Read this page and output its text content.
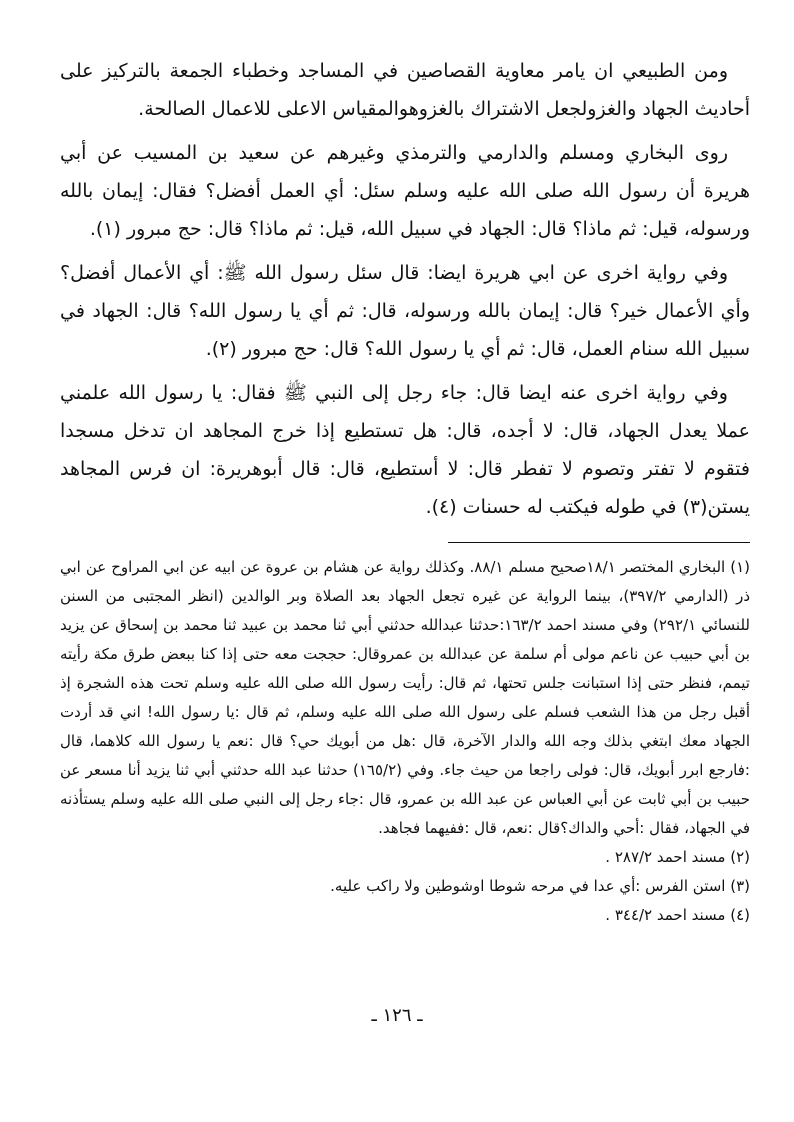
ومن الطبيعي ان يامر معاوية القصاصين في المساجد وخطباء الجمعة بالتركيز على أحاديث الجهاد والغزولجعل الاشتراك بالغزوهوالمقياس الاعلى للاعمال الصالحة.

روى البخاري ومسلم والدارمي والترمذي وغيرهم عن سعيد بن المسيب عن أبي هريرة أن رسول الله صلى الله عليه وسلم سئل: أي العمل أفضل؟ فقال: إيمان بالله ورسوله، قيل: ثم ماذا؟ قال: الجهاد في سبيل الله، قيل: ثم ماذا؟ قال: حج مبرور (١).

وفي رواية اخرى عن ابي هريرة ايضا: قال سئل رسول الله ﷺ: أي الأعمال أفضل؟ وأي الأعمال خير؟ قال: إيمان بالله ورسوله، قال: ثم أي يا رسول الله؟ قال: الجهاد في سبيل الله سنام العمل، قال: ثم أي يا رسول الله؟ قال: حج مبرور (٢).

وفي رواية اخرى عنه ايضا قال: جاء رجل إلى النبي ﷺ فقال: يا رسول الله علمني عملا يعدل الجهاد، قال: لا أجده، قال: هل تستطيع إذا خرج المجاهد ان تدخل مسجدا فتقوم لا تفتر وتصوم لا تفطر قال: لا أستطيع، قال: قال أبوهريرة: ان فرس المجاهد يستن(٣) في طوله فيكتب له حسنات (٤).

(١) البخاري المختصر ١٨/١صحيح مسلم ٨٨/١. وكذلك رواية عن هشام بن عروة عن ابيه عن ابي المراوح عن ابي ذر (الدارمي ٣٩٧/٢)، بينما الرواية عن غيره تجعل الجهاد بعد الصلاة وبر الوالدين (انظر المجتبى من السنن للنسائي ٢٩٢/١) وفي مسند احمد ١٦٣/٢:حدثنا عبدالله حدثني أبي ثنا محمد بن عبيد ثنا محمد بن إسحاق عن يزيد بن أبي حبيب عن ناعم مولى أم سلمة عن عبدالله بن عمروقال: حججت معه حتى إذا كنا ببعض طرق مكة رأيته تيمم، فنظر حتى إذا استبانت جلس تحتها، ثم قال: رأيت رسول الله صلى الله عليه وسلم تحت هذه الشجرة إذ أقبل رجل من هذا الشعب فسلم على رسول الله صلى الله عليه وسلم، ثم قال :يا رسول الله! اني قد أردت الجهاد معك ابتغي بذلك وجه الله والدار الآخرة، قال :هل من أبويك حي؟ قال :نعم يا رسول الله كلاهما، قال :فارجع ابرر أبويك، قال: فولى راجعا من حيث جاء. وفي (١٦٥/٢) حدثنا عبد الله حدثني أبي ثنا يزيد أنا مسعر عن حبيب بن أبي ثابت عن أبي العباس عن عبد الله بن عمرو، قال :جاء رجل إلى النبي صلى الله عليه وسلم يستأذنه في الجهاد، فقال :أحي والداك؟قال :نعم، قال :ففيهما فجاهد.

(٢) مسند احمد ٢٨٧/٢ .

(٣) استن الفرس :أي عدا في مرحه شوطا اوشوطين ولا راكب عليه.

(٤) مسند احمد ٣٤٤/٢ .

ـ ١٢٦ ـ
